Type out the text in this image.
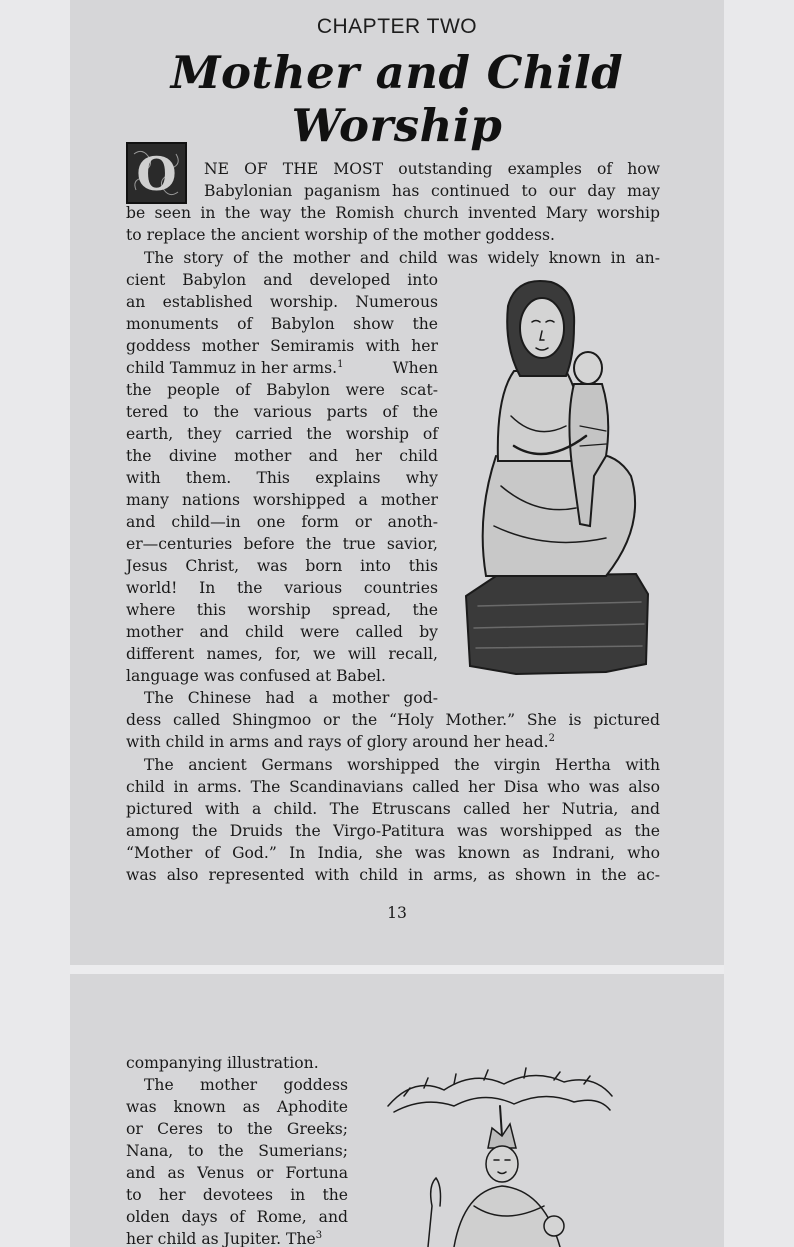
CHAPTER TWO
Mother and Child Worship
O	NE OF THE MOST outstanding examples of how
Babylonian paganism has continued to our day may
be seen in the way the Romish church invented Mary worship
to replace the ancient worship of the mother goddess.
The story of the mother and child was widely known in an-
cient Babylon and developed into
an established worship. Numerous
monuments of Babylon show the
goddess mother Semiramis with her
child Tammuz in her arms.$^1$	When
the people of Babylon were scat-
tered to the various parts of the
earth, they carried the worship of
the divine mother and her child
with them. This explains why
many nations worshipped a mother
and child—in one form or anoth-
er—centuries before the true savior,
Jesus Christ, was born into this
world! In the various countries
where this worship spread, the
mother and child were called by
different names, for, we will recall,
language was confused at Babel.
The Chinese had a mother god-
dess called Shingmoo or the “Holy Mother.” She is pictured
with child in arms and rays of glory around her head.$^2$
The ancient Germans worshipped the virgin Hertha with
child in arms. The Scandinavians called her Disa who was also
pictured with a child. The Etruscans called her Nutria, and
among the Druids the Virgo-Patitura was worshipped as the
“Mother of God.” In India, she was known as Indrani, who
was also represented with child in arms, as shown in the ac-
13
companying illustration.
The mother goddess
was known as Aphodite
or Ceres to the Greeks;
Nana, to the Sumerians;
and as Venus or Fortuna
to her devotees in the
olden days of Rome, and
her child as Jupiter. The$^3$
